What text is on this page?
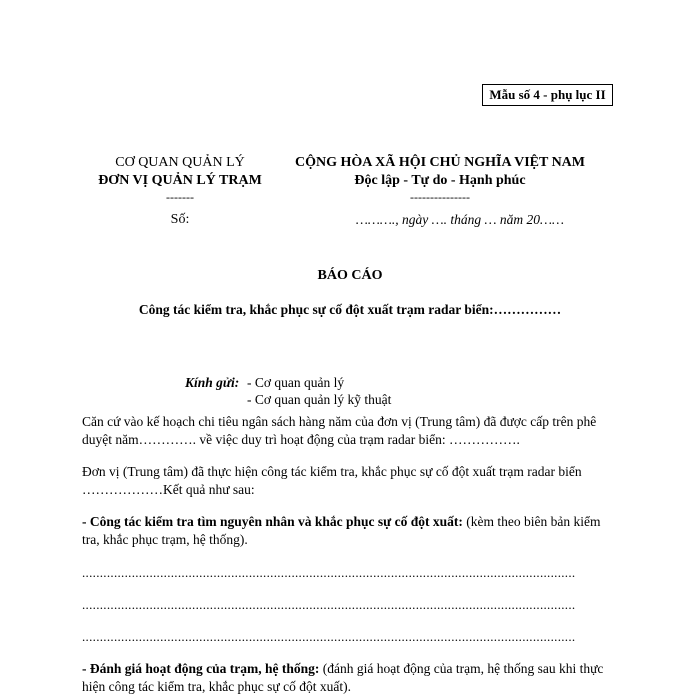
Mẫu số 4 - phụ lục II
CƠ QUAN QUẢN LÝ
ĐƠN VỊ QUẢN LÝ TRẠM
-------
Số:
CỘNG HÒA XÃ HỘI CHỦ NGHĨA VIỆT NAM
Độc lập - Tự do - Hạnh phúc
---------------
………., ngày …. tháng … năm 20……
BÁO CÁO
Công tác kiểm tra, khắc phục sự cố đột xuất trạm radar biển:……………
Kính gửi: - Cơ quan quản lý
- Cơ quan quản lý kỹ thuật
Căn cứ vào kế hoạch chi tiêu ngân sách hàng năm của đơn vị (Trung tâm) đã được cấp trên phê
duyệt năm…………. về việc duy trì hoạt động của trạm radar biển: …………….
Đơn vị (Trung tâm) đã thực hiện công tác kiểm tra, khắc phục sự cố đột xuất trạm radar biển
………………Kết quả như sau:
- Công tác kiểm tra tìm nguyên nhân và khắc phục sự cố đột xuất: (kèm theo biên bản kiểm
tra, khắc phục trạm, hệ thống).
...........................................................................................................................................
...........................................................................................................................................
...........................................................................................................................................
- Đánh giá hoạt động của trạm, hệ thống: (đánh giá hoạt động của trạm, hệ thống sau khi thực
hiện công tác kiểm tra, khắc phục sự cố đột xuất).
